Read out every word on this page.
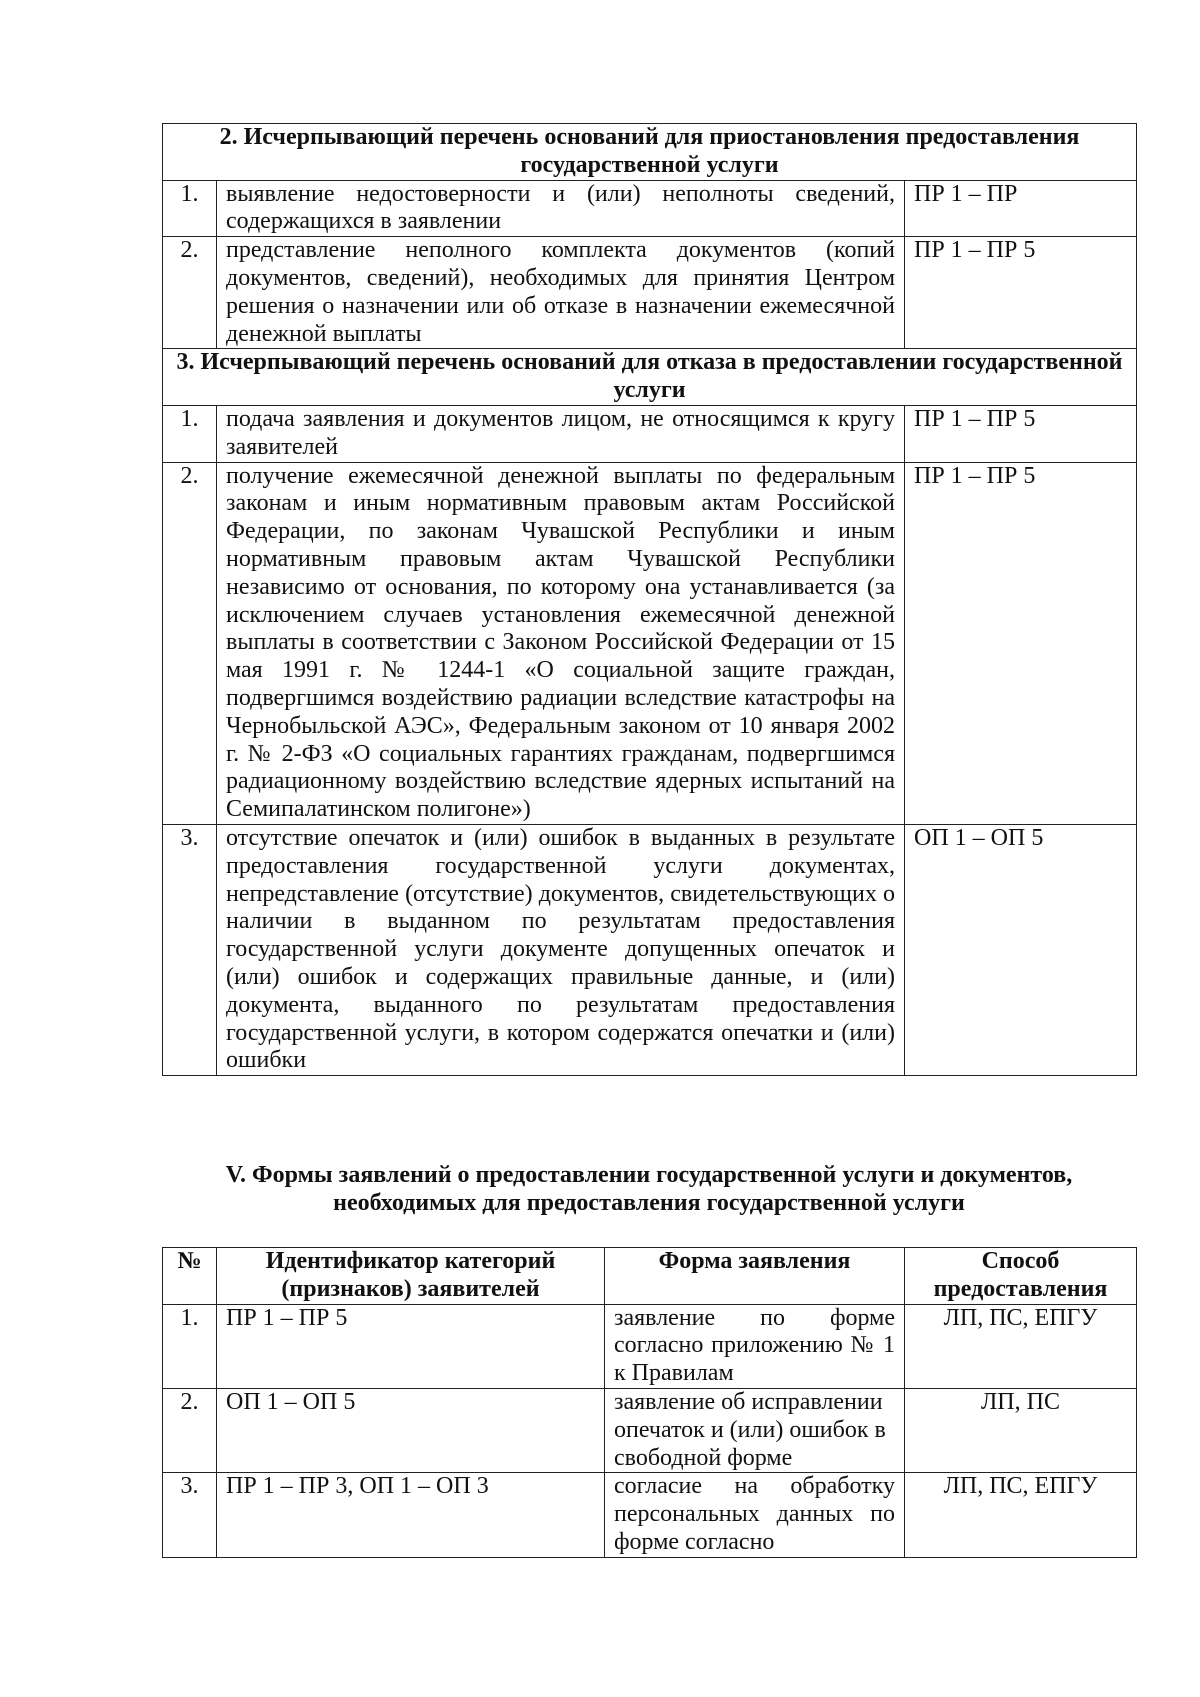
2. Исчерпывающий перечень оснований для приостановления предоставления государственной услуги		
1.	выявление недостоверности и (или) неполноты сведений, содержащихся в заявлении	ПР 1 – ПР
2.	представление неполного комплекта документов (копий документов, сведений), необходимых для принятия Центром решения о назначении или об отказе в назначении ежемесячной денежной выплаты	ПР 1 – ПР 5
3. Исчерпывающий перечень оснований для отказа в предоставлении государственной услуги		
1.	подача заявления и документов лицом, не относящимся к кругу заявителей	ПР 1 – ПР 5
2.	получение ежемесячной денежной выплаты по федеральным законам и иным нормативным правовым актам Российской Федерации, по законам Чувашской Республики и иным нормативным правовым актам Чувашской Республики независимо от основания, по которому она устанавливается (за исключением случаев установления ежемесячной денежной выплаты в соответствии с Законом Российской Федерации от 15 мая 1991 г. № 1244-1 «О социальной защите граждан, подвергшимся воздействию радиации вследствие катастрофы на Чернобыльской АЭС», Федеральным законом от 10 января 2002 г. № 2-ФЗ «О социальных гарантиях гражданам, подвергшимся радиационному воздействию вследствие ядерных испытаний на Семипалатинском полигоне»)	ПР 1 – ПР 5
3.	отсутствие опечаток и (или) ошибок в выданных в результате предоставления государственной услуги документах, непредставление (отсутствие) документов, свидетельствующих о наличии в выданном по результатам предоставления государственной услуги документе допущенных опечаток и (или) ошибок и содержащих правильные данные, и (или) документа, выданного по результатам предоставления государственной услуги, в котором содержатся опечатки и (или) ошибки	ОП 1 – ОП 5

V. Формы заявлений о предоставлении государственной услуги и документов, необходимых для предоставления государственной услуги

№	Идентификатор категорий (признаков) заявителей	Форма заявления	Способ предоставления
1.	ПР 1 – ПР 5	заявление по форме согласно приложению № 1 к Правилам	ЛП, ПС, ЕПГУ
2.	ОП 1 – ОП 5	заявление об исправлении опечаток и (или) ошибок в свободной форме	ЛП, ПС
3.	ПР 1 – ПР 3, ОП 1 – ОП 3	согласие на обработку персональных данных по форме согласно	ЛП, ПС, ЕПГУ
